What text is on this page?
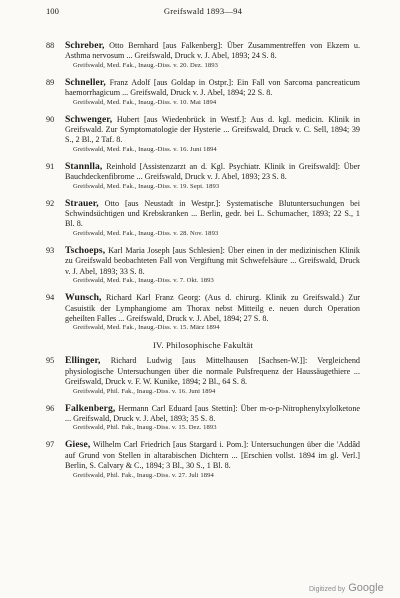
100	Greifswald 1893—94
88 Schreber, Otto Bernhard [aus Falkenberg]: Über Zusammentreffen von Ekzem u. Asthma nervosum ... Greifswald, Druck v. J. Abel, 1893; 24 S. 8.
Greifswald, Med. Fak., Inaug.-Diss. v. 20. Dez. 1893
89 Schneller, Franz Adolf [aus Goldap in Ostpr.]: Ein Fall von Sarcoma pancreaticum haemorrhagicum ... Greifswald, Druck v. J. Abel, 1894; 22 S. 8.
Greifswald, Med. Fak., Inaug.-Diss. v. 10. Mai 1894
90 Schwenger, Hubert [aus Wiedenbrück in Westf.]: Aus d. kgl. medicin. Klinik in Greifswald. Zur Symptomatologie der Hysterie ... Greifswald, Druck v. C. Sell, 1894; 39 S., 2 Bl., 2 Taf. 8.
Greifswald, Med. Fak., Inaug.-Diss. v. 16. Juni 1894
91 Stannlla, Reinhold [Assistenzarzt an d. Kgl. Psychiatr. Klinik in Greifswald]: Über Bauchdeckenfibrome ... Greifswald, Druck v. J. Abel, 1893; 23 S. 8.
Greifswald, Med. Fak., Inaug.-Diss. v. 19. Sept. 1893
92 Strauer, Otto [aus Neustadt in Westpr.]: Systematische Blutuntersuchungen bei Schwindsüchtigen und Krebskranken ... Berlin, gedr. bei L. Schumacher, 1893; 22 S., 1 Bl. 8.
Greifswald, Med. Fak., Inaug.-Diss. v. 28. Nov. 1893
93 Tschoeps, Karl Maria Joseph [aus Schlesien]: Über einen in der medizinischen Klinik zu Greifswald beobachteten Fall von Vergiftung mit Schwefelsäure ... Greifswald, Druck v. J. Abel, 1893; 33 S. 8.
Greifswald, Med. Fak., Inaug.-Diss. v. 7. Okt. 1893
94 Wunsch, Richard Karl Franz Georg: (Aus d. chirurg. Klinik zu Greifswald.) Zur Casuistik der Lymphangiome am Thorax nebst Mitteilg e. neuen durch Operation geheilten Falles ... Greifswald, Druck v. J. Abel, 1894; 27 S. 8.
Greifswald, Med. Fak., Inaug.-Diss. v. 15. März 1894
IV. Philosophische Fakultät
95 Ellinger, Richard Ludwig [aus Mittelhausen [Sachsen-W.]]: Vergleichend physiologische Untersuchungen über die normale Pulsfrequenz der Haussäugethiere ... Greifswald, Druck v. F. W. Kunike, 1894; 2 Bl., 64 S. 8.
Greifswald, Phil. Fak., Inaug.-Diss. v. 16. Juni 1894
96 Falkenberg, Hermann Carl Eduard [aus Stettin]: Über m-o-p-Nitrophenylxylolketone ... Greifswald, Druck v. J. Abel, 1893; 35 S. 8.
Greifswald, Phil. Fak., Inaug.-Diss. v. 15. Dez. 1893
97 Giese, Wilhelm Carl Friedrich [aus Stargard i. Pom.]: Untersuchungen über die 'Addâd auf Grund von Stellen in altarabischen Dichtern ... [Erschien vollst. 1894 im gl. Verl.] Berlin, S. Calvary & C., 1894; 3 Bl., 30 S., 1 Bl. 8.
Greifswald, Phil. Fak., Inaug.-Diss. v. 27. Juli 1894
Digitized by Google
